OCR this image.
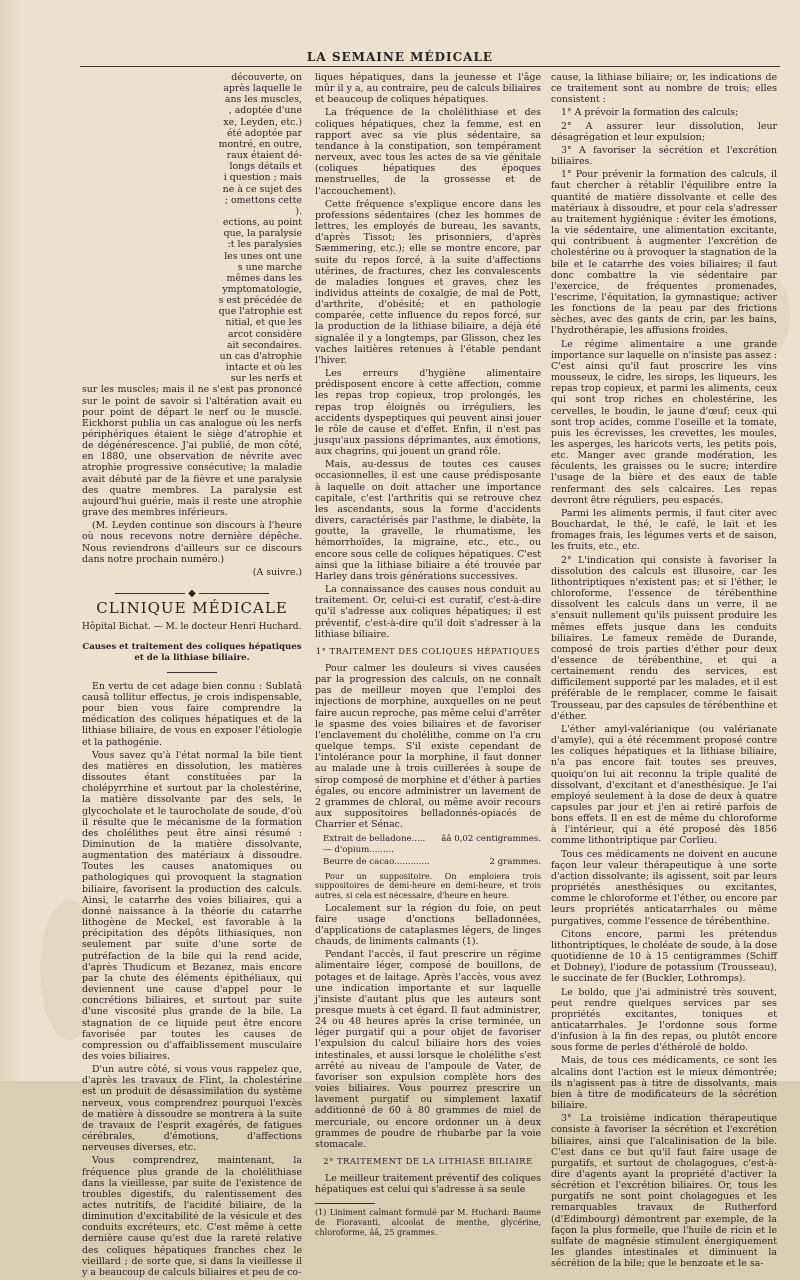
LA SEMAINE MÉDICALE

découverte, on

après laquelle le

ans les muscles,

, adoptée d'une

xe, Leyden, etc.)

été adoptée par

montré, en outre,

raux étaient dé-

longs détails et

i question ; mais

ne à ce sujet des

; omettons cette

).

ections, au point

que, la paralysie

:t les paralysies

les unes ont une

s une marche

mêmes dans les

ymptomatologie,

s est précédée de

que l'atrophie est

nitial, et que les

arcot considère

ait secondaires.

un cas d'atrophie

intacte et où les

sur les nerfs et

sur les muscles; mais il ne s'est pas prononcé sur le point de savoir si l'altération avait eu pour point de départ le nerf ou le muscle. Eickhorst publia un cas analogue où les nerfs périphériques étaient le siège d'atrophie et de dégénérescence. J'ai publié, de mon côté, en 1880, une observation de névrite avec atrophie progressive consécutive; la maladie avait débuté par de la fièvre et une paralysie des quatre membres. La paralysie est aujourd'hui guérie, mais il reste une atrophie grave des membres inférieurs.

(M. Leyden continue son discours à l'heure où nous recevons notre dernière dépêche. Nous reviendrons d'ailleurs sur ce discours dans notre prochain numéro.)

(A suivre.)

◆
CLINIQUE MÉDICALE
Hôpital Bichat. — M. le docteur Henri Huchard.
Causes et traitement des coliques hépatiques et de la lithiase biliaire.

En vertu de cet adage bien connu : Sublatâ causâ tollitur effectus, je crois indispensable, pour bien vous faire comprendre la médication des coliques hépatiques et de la lithiase biliaire, de vous en exposer l'étiologie et la pathogénie.

Vous savez qu'à l'état normal la bile tient des matières en dissolution, les matières dissoutes étant constituées par la cholépyrrhine et surtout par la cholestérine, la matière dissolvante par des sels, le glycocholate et le taurocholate de soude, d'où il résulte que le mécanisme de la formation des cholélithes peut être ainsi résumé : Diminution de la matière dissolvante, augmentation des matériaux à dissoudre. Toutes les causes anatomiques ou pathologiques qui provoquent la stagnation biliaire, favorisent la production des calculs. Ainsi, le catarrhe des voies biliaires, qui a donné naissance à la théorie du catarrhe lithogène de Meckel, est favorable à la précipitation des dépôts lithiasiques, non seulement par suite d'une sorte de putréfaction de la bile qui la rend acide, d'après Thudicum et Bezanez, mais encore par la chute des éléments épithéliaux, qui deviennent une cause d'appel pour le concrétions biliaires, et surtout par suite d'une viscosité plus grande de la bile. La stagnation de ce liquide peut être encore favorisée par toutes les causes de compression ou d'affaiblissement musculaire des voies biliaires.

D'un autre côté, si vous vous rappelez que, d'après les travaux de Flint, la cholestérine est un produit de désassimilation du système nerveux, vous comprendrez pourquoi l'excès de matière à dissoudre se montrera à la suite de travaux de l'esprit exagérés, de fatigues cérébrales, d'émotions, d'affections nerveuses diverses, etc.

Vous comprendrez, maintenant, la fréquence plus grande de la cholélithiase dans la vieillesse, par suite de l'existence de troubles digestifs, du ralentissement des actes nutritifs, de l'acidité biliaire, de la diminution d'excitabilité de la vésicule et des conduits excréteurs, etc. C'est même à cette dernière cause qu'est due la rareté relative des coliques hépatiques franches chez le vieillard ; de sorte que, si dans la vieillesse il y a beaucoup de calculs biliaires et peu de co-

liques hépatiques, dans la jeunesse et l'âge mûr il y a, au contraire, peu de calculs biliaires et beaucoup de coliques hépatiques.

La fréquence de la cholélithiase et des coliques hépatiques, chez la femme, est en rapport avec sa vie plus sédentaire, sa tendance à la constipation, son tempérament nerveux, avec tous les actes de sa vie génitale (coliques hépatiques des époques menstruelles, de la grossesse et de l'accouchement).

Cette fréquence s'explique encore dans les professions sédentaires (chez les hommes de lettres, les employés de bureau, les savants, d'après Tissot; les prisonniers, d'après Sæmmering, etc.); elle se montre encore, par suite du repos forcé, à la suite d'affections utérines, de fractures, chez les convalescents de maladies longues et graves, chez les individus atteints de coxalgie, de mal de Pott, d'arthrite, d'obésité; et en pathologie comparée, cette influence du repos forcé, sur la production de la lithiase biliaire, a déjà été signalée il y a longtemps, par Glisson, chez les vaches laitières retenues à l'étable pendant l'hiver.

Les erreurs d'hygiène alimentaire prédisposent encore à cette affection, comme les repas trop copieux, trop prolongés, les repas trop éloignés ou irréguliers, les accidents dyspeptiques qui peuvent ainsi jouer le rôle de cause et d'effet. Enfin, il n'est pas jusqu'aux passions déprimantes, aux émotions, aux chagrins, qui jouent un grand rôle.

Mais, au-dessus de toutes ces causes occasionnelles, il est une cause prédisposante à laquelle on doit attacher une importance capitale, c'est l'arthritis qui se retrouve chez les ascendants, sous la forme d'accidents divers, caractérisés par l'asthme, le diabète, la goutte, la gravelle, le rhumatisme, les hémorrhoïdes, la migraine, etc., etc., ou encore sous celle de coliques hépatiques. C'est ainsi que la lithiase biliaire a été trouvée par Harley dans trois générations successives.

La connaissance des causes nous conduit au traitement. Or, celui-ci est curatif, c'est-à-dire qu'il s'adresse aux coliques hépatiques; il est préventif, c'est-à-dire qu'il doit s'adresser à la lithiase biliaire.

1° TRAITEMENT DES COLIQUES HÉPATIQUES

Pour calmer les douleurs si vives causées par la progression des calculs, on ne connaît pas de meilleur moyen que l'emploi des injections de morphine, auxquelles on ne peut faire aucun reproche, pas même celui d'arrêter le spasme des voies biliaires et de favoriser l'enclavement du cholélithe, comme on l'a cru quelque temps. S'il existe cependant de l'intolérance pour la morphine, il faut donner au malade une à trois cuillerées à soupe de sirop composé de morphine et d'éther à parties égales, ou encore administrer un lavement de 2 grammes de chloral, ou même avoir recours aux suppositoires belladonnés-opiacés de Charrier et Sénac.

Extrait de belladone..... ââ 0,02 centigrammes.
— d'opium.........
Beurre de cacao.............	2 grammes.

Pour un suppositoire. On emploiera trois suppositoires de demi-heure en demi-heure, et trois autres, si cela est nécessaire, d'heure en heure.

Localement sur la région du foie, on peut faire usage d'onctions belladonnées, d'applications de cataplasmes légers, de linges chauds, de liniments calmants (1).

Pendant l'accès, il faut prescrire un régime alimentaire léger, composé de bouillons, de potages et de laitage. Après l'accès, vous avez une indication importante et sur laquelle j'insiste d'autant plus que les auteurs sont presque muets à cet égard. Il faut administrer, 24 ou 48 heures après la crise terminée, un léger purgatif qui a pour objet de favoriser l'expulsion du calcul biliaire hors des voies intestinales, et aussi lorsque le cholélithe s'est arrêté au niveau de l'ampoule de Vater, de favoriser son expulsion complète hors des voies biliaires. Vous pourrez prescrire un lavement purgatif ou simplement laxatif additionné de 60 à 80 grammes de miel de mercuriale, ou encore ordonner un à deux grammes de poudre de rhubarbe par la voie stomacale.

2° TRAITEMENT DE LA LITHIASE BILIAIRE

Le meilleur traitement préventif des coliques hépatiques est celui qui s'adresse à sa seule

(1) Liniment calmant formulé par M. Huchard: Baume de Fioravanti, alcoolat de menthe, glycérine, chloroforme, ââ, 25 grammes.

cause, la lithiase biliaire; or, les indications de ce traitement sont au nombre de trois; elles consistent :

1° A prévoir la formation des calculs;

2° A assurer leur dissolution, leur désagrégation et leur expulsion;

3° A favoriser la sécrétion et l'excrétion biliaires.

1° Pour prévenir la formation des calculs, il faut chercher à rétablir l'équilibre entre la quantité de matière dissolvante et celle des matériaux à dissoudre, et pour cela s'adresser au traitement hygiénique : éviter les émotions, la vie sédentaire, une alimentation excitante, qui contribuent à augmenter l'excrétion de cholestérine ou à provoquer la stagnation de la bile et le catarrhe des voies biliaires; il faut donc combattre la vie sédentaire par l'exercice, de fréquentes promenades, l'escrime, l'équitation, la gymnastique; activer les fonctions de la peau par des frictions sèches, avec des gants de crin, par les bains, l'hydrothérapie, les affusions froides.

Le régime alimentaire a une grande importance sur laquelle on n'insiste pas assez : C'est ainsi qu'il faut proscrire les vins mousseux, le cidre, les sirops, les liqueurs, les repas trop copieux, et parmi les aliments, ceux qui sont trop riches en cholestérine, les cervelles, le boudin, le jaune d'œuf; ceux qui sont trop acides, comme l'oseille et la tomate, puis les écrevisses, les crevettes, les moules, les asperges, les haricots verts, les petits pois, etc. Manger avec grande modération, les féculents, les graisses ou le sucre; interdire l'usage de la bière et des eaux de table renfermant des sels calcaires. Les repas devront être réguliers, peu espacés.

Parmi les aliments permis, il faut citer avec Bouchardat, le thé, le café, le lait et les fromages frais, les légumes verts et de saison, les fruits, etc., etc.

2° L'indication qui consiste à favoriser la dissolution des calculs est illusoire, car les lithontriptiques n'existent pas; et si l'éther, le chloroforme, l'essence de térébenthine dissolvent les calculs dans un verre, il ne s'ensuit nullement qu'ils puissent produire les mêmes effets jusque dans les conduits biliaires. Le fameux remède de Durande, composé de trois parties d'éther pour deux d'essence de térébenthine, et qui a certainement rendu des services, est difficilement supporté par les malades, et il est préférable de le remplacer, comme le faisait Trousseau, par des capsules de térébenthine et d'éther.

L'éther amyl-valérianique (ou valérianate d'amyle), qui a été récemment proposé contre les coliques hépatiques et la lithiase biliaire, n'a pas encore fait toutes ses preuves, quoiqu'on lui ait reconnu la triple qualité de dissolvant, d'excitant et d'anesthésique. Je l'ai employé seulement à la dose de deux à quatre capsules par jour et j'en ai retiré parfois de bons effets. Il en est de même du chloroforme à l'intérieur, qui a été proposé dès 1856 comme lithontriptique par Corlieu.

Tous ces médicaments ne doivent en aucune façon leur valeur thérapeutique à une sorte d'action dissolvante; ils agissent, soit par leurs propriétés anesthésiques ou excitantes, comme le chloroforme et l'éther, ou encore par leurs propriétés anticatarrhales ou même purgatives, comme l'essence de térébenthine.

Citons encore, parmi les prétendus lithontriptiques, le choléate de soude, à la dose quotidienne de 10 à 15 centigrammes (Schiff et Dobney), l'iodure de potassium (Trousseau), le succinate de fer (Buckler, Lothromps).

Le boldo, que j'ai administré très souvent, peut rendre quelques services par ses propriétés excitantes, toniques et anticatarrhales. Je l'ordonne sous forme d'infusion à la fin des repas, ou plutôt encore sous forme de perles d'éthérolé de boldo.

Mais, de tous ces médicaments, ce sont les alcalins dont l'action est le mieux démontrée; ils n'agissent pas à titre de dissolvants, mais bien à titre de modificateurs de la sécrétion biliaire.

3° La troisième indication thérapeutique consiste à favoriser la sécrétion et l'excrétion biliaires, ainsi que l'alcalinisation de la bile. C'est dans ce but qu'il faut faire usage de purgatifs, et surtout de cholagogues, c'est-à-dire d'agents ayant la propriété d'activer la sécrétion et l'excrétion biliaires. Or, tous les purgatifs ne sont point cholagogues et les remarquables travaux de Rutherford (d'Edimbourg) démontrent par exemple, de la façon la plus formelle, que l'huile de ricin et le sulfate de magnésie stimulent énergiquement les glandes intestinales et diminuent la sécrétion de la bile; que le benzoate et le sa-
